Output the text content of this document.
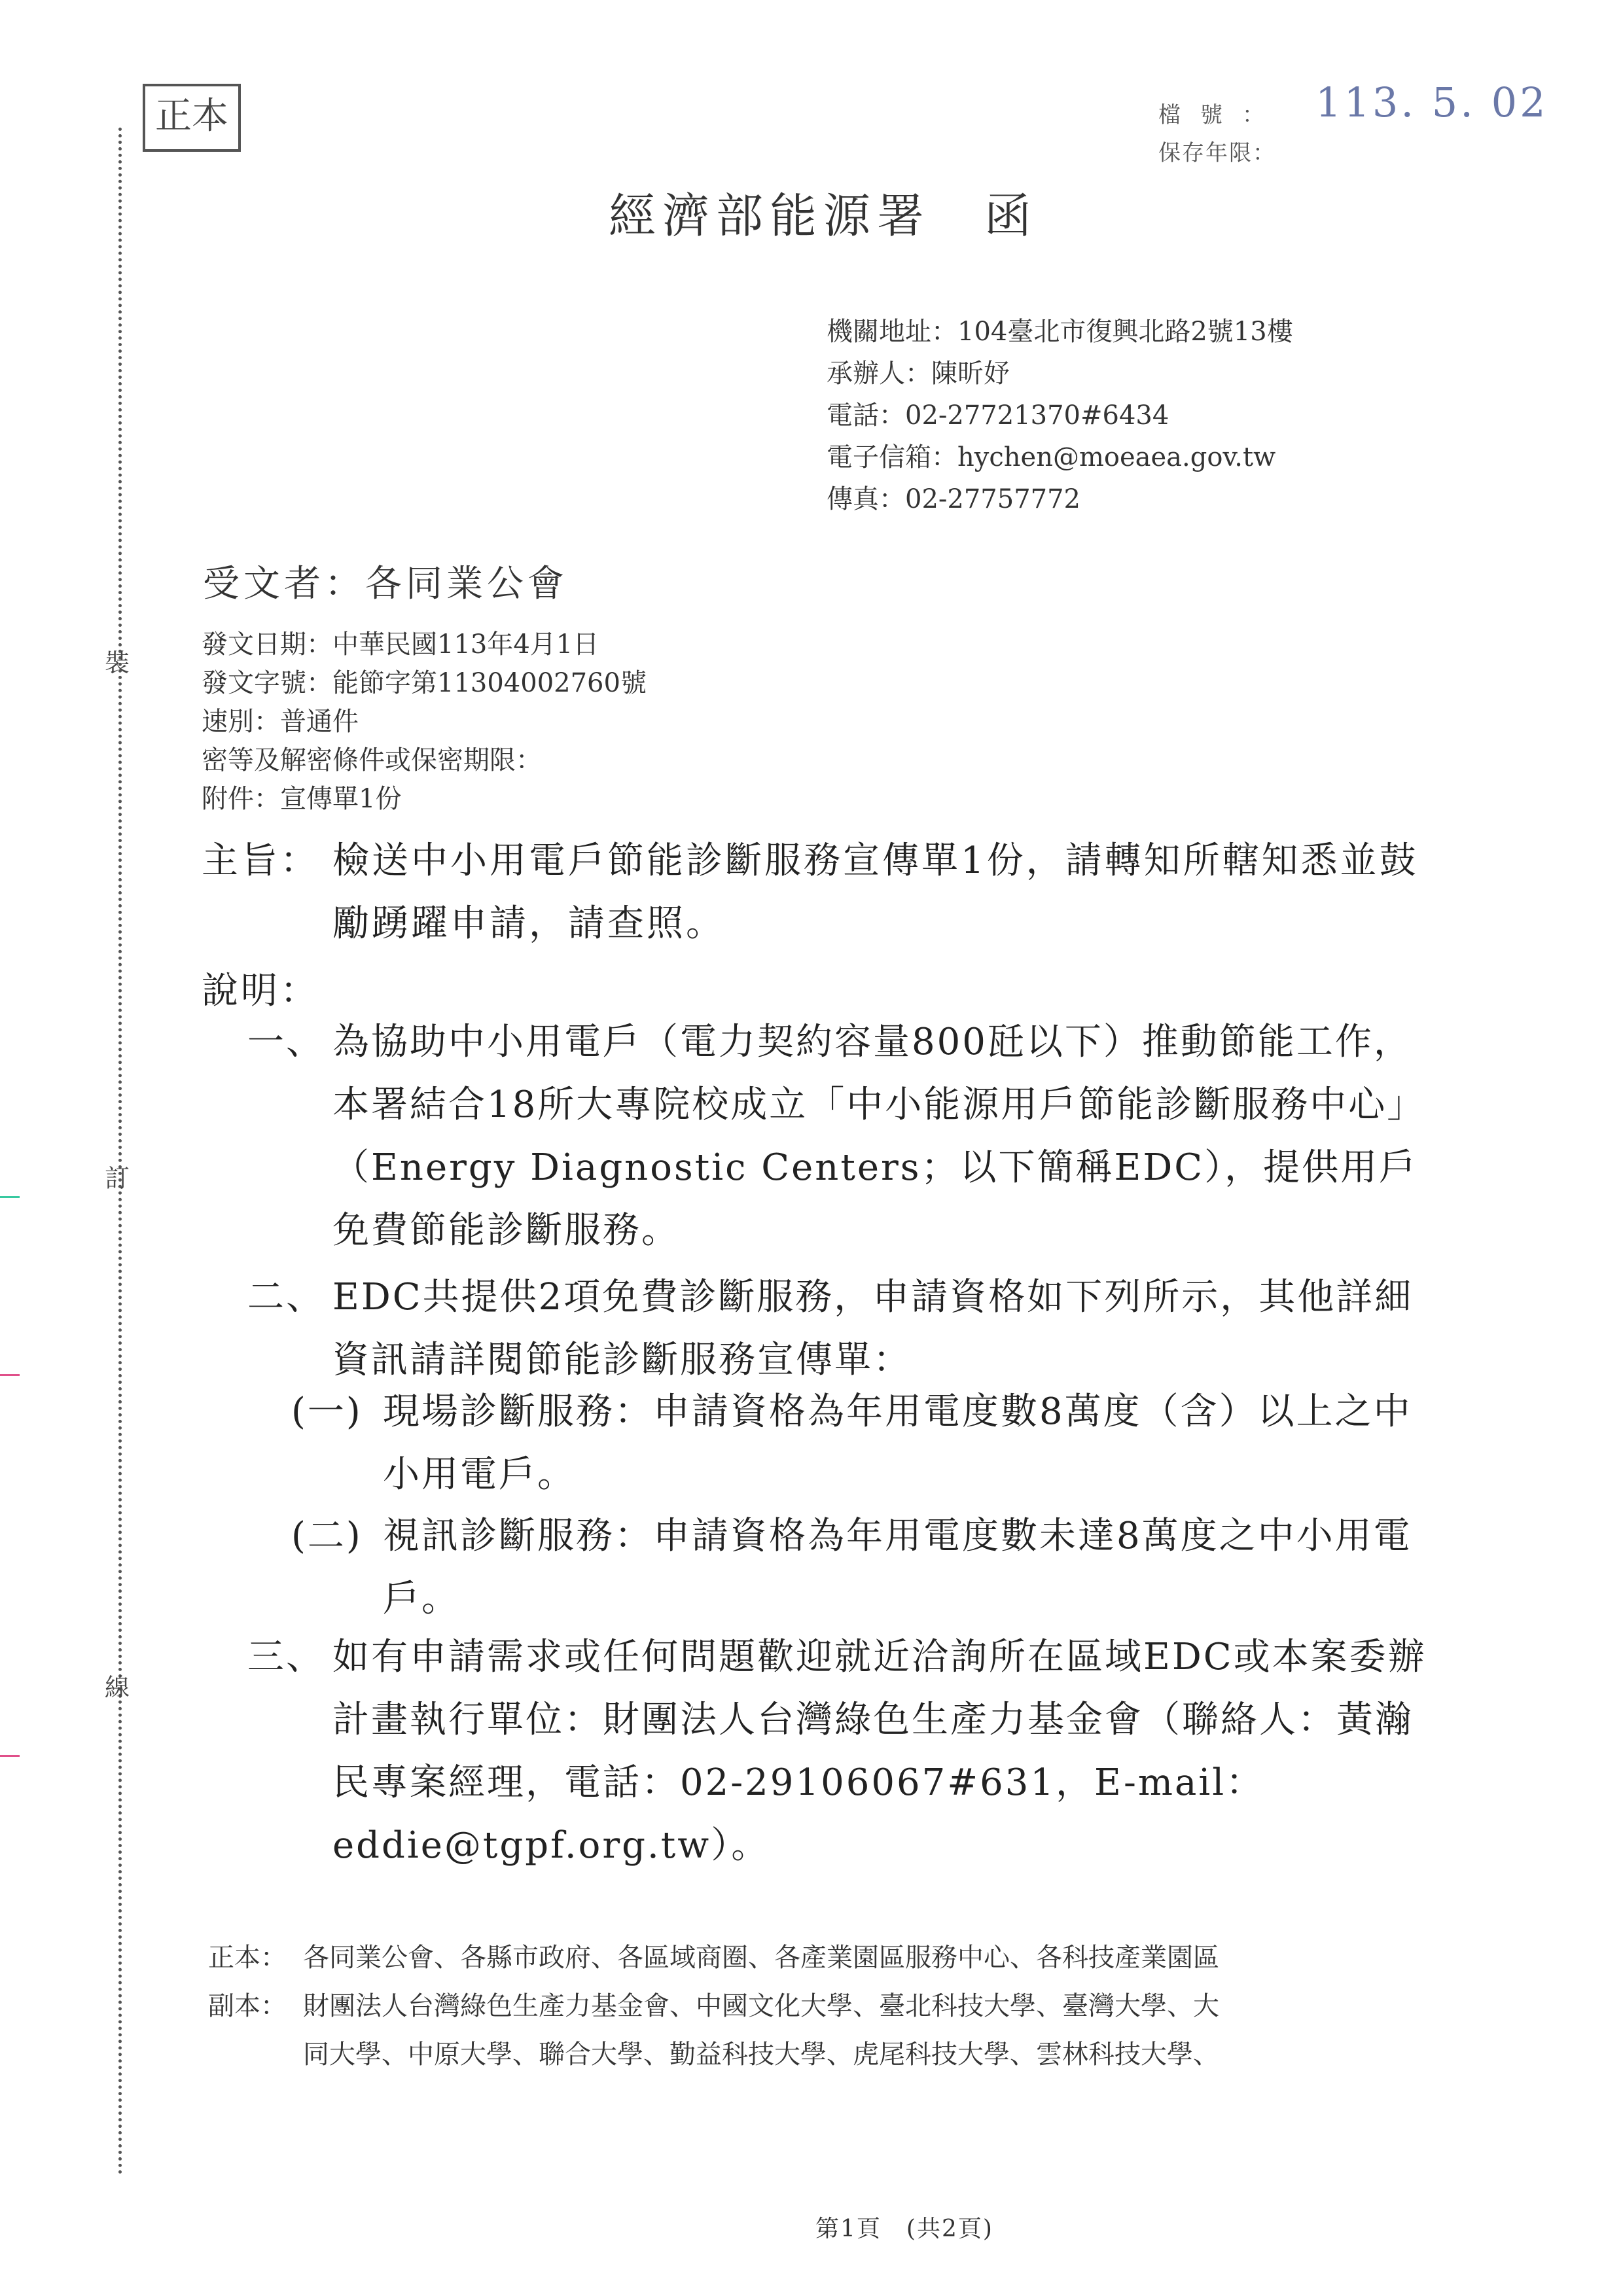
正本
裝
訂
線
檔號： 113. 5. 02
保存年限：
經濟部能源署　函
機關地址：104臺北市復興北路2號13樓
承辦人：陳昕妤
電話：02-27721370#6434
電子信箱：hychen@moeaea.gov.tw
傳真：02-27757772
受文者：各同業公會
發文日期：中華民國113年4月1日
發文字號：能節字第11304002760號
速別：普通件
密等及解密條件或保密期限：
附件：宣傳單1份
主旨： 檢送中小用電戶節能診斷服務宣傳單1份，請轉知所轄知悉並鼓勵踴躍申請，請查照。
說明：
一、 為協助中小用電戶（電力契約容量800瓩以下）推動節能工作，本署結合18所大專院校成立「中小能源用戶節能診斷服務中心」（Energy Diagnostic Centers；以下簡稱EDC），提供用戶免費節能診斷服務。
二、 EDC共提供2項免費診斷服務，申請資格如下列所示，其他詳細資訊請詳閱節能診斷服務宣傳單：
(一) 現場診斷服務：申請資格為年用電度數8萬度（含）以上之中小用電戶。
(二) 視訊診斷服務：申請資格為年用電度數未達8萬度之中小用電戶。
三、 如有申請需求或任何問題歡迎就近洽詢所在區域EDC或本案委辦計畫執行單位：財團法人台灣綠色生產力基金會（聯絡人：黃瀚民專案經理，電話：02-29106067#631，E-mail：eddie@tgpf.org.tw）。
正本： 各同業公會、各縣市政府、各區域商圈、各產業園區服務中心、各科技產業園區
副本： 財團法人台灣綠色生產力基金會、中國文化大學、臺北科技大學、臺灣大學、大
同大學、中原大學、聯合大學、勤益科技大學、虎尾科技大學、雲林科技大學、
第1頁　(共2頁)
